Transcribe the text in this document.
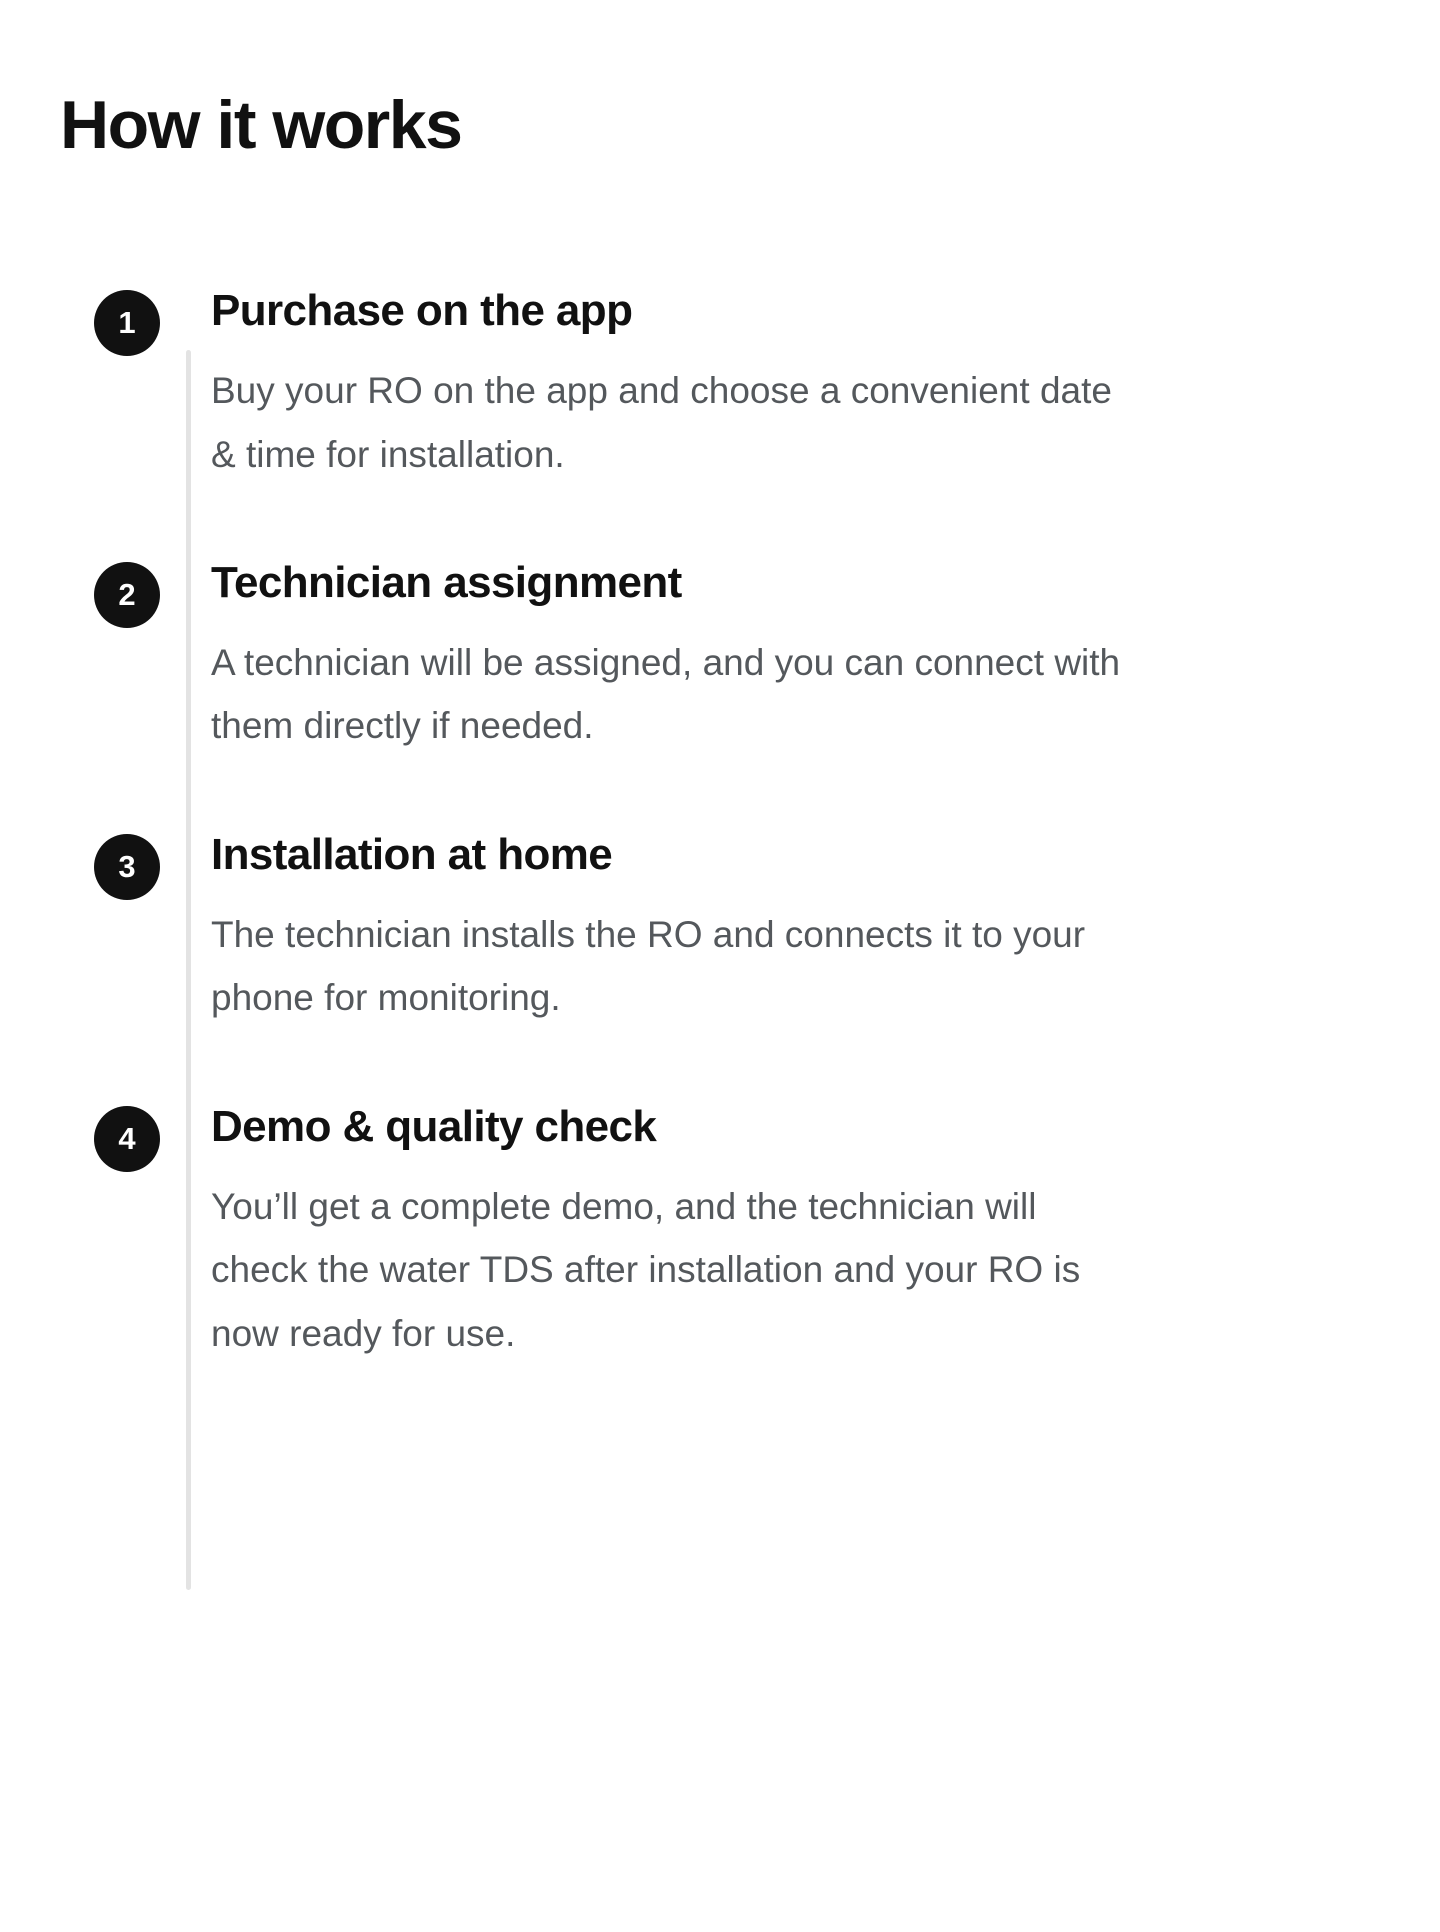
How it works
1	Purchase on the app
Buy your RO on the app and choose a convenient date & time for installation.
2	Technician assignment
A technician will be assigned, and you can connect with them directly if needed.
3	Installation at home
The technician installs the RO and connects it to your phone for monitoring.
4	Demo & quality check
You’ll get a complete demo, and the technician will check the water TDS after installation and your RO is now ready for use.
